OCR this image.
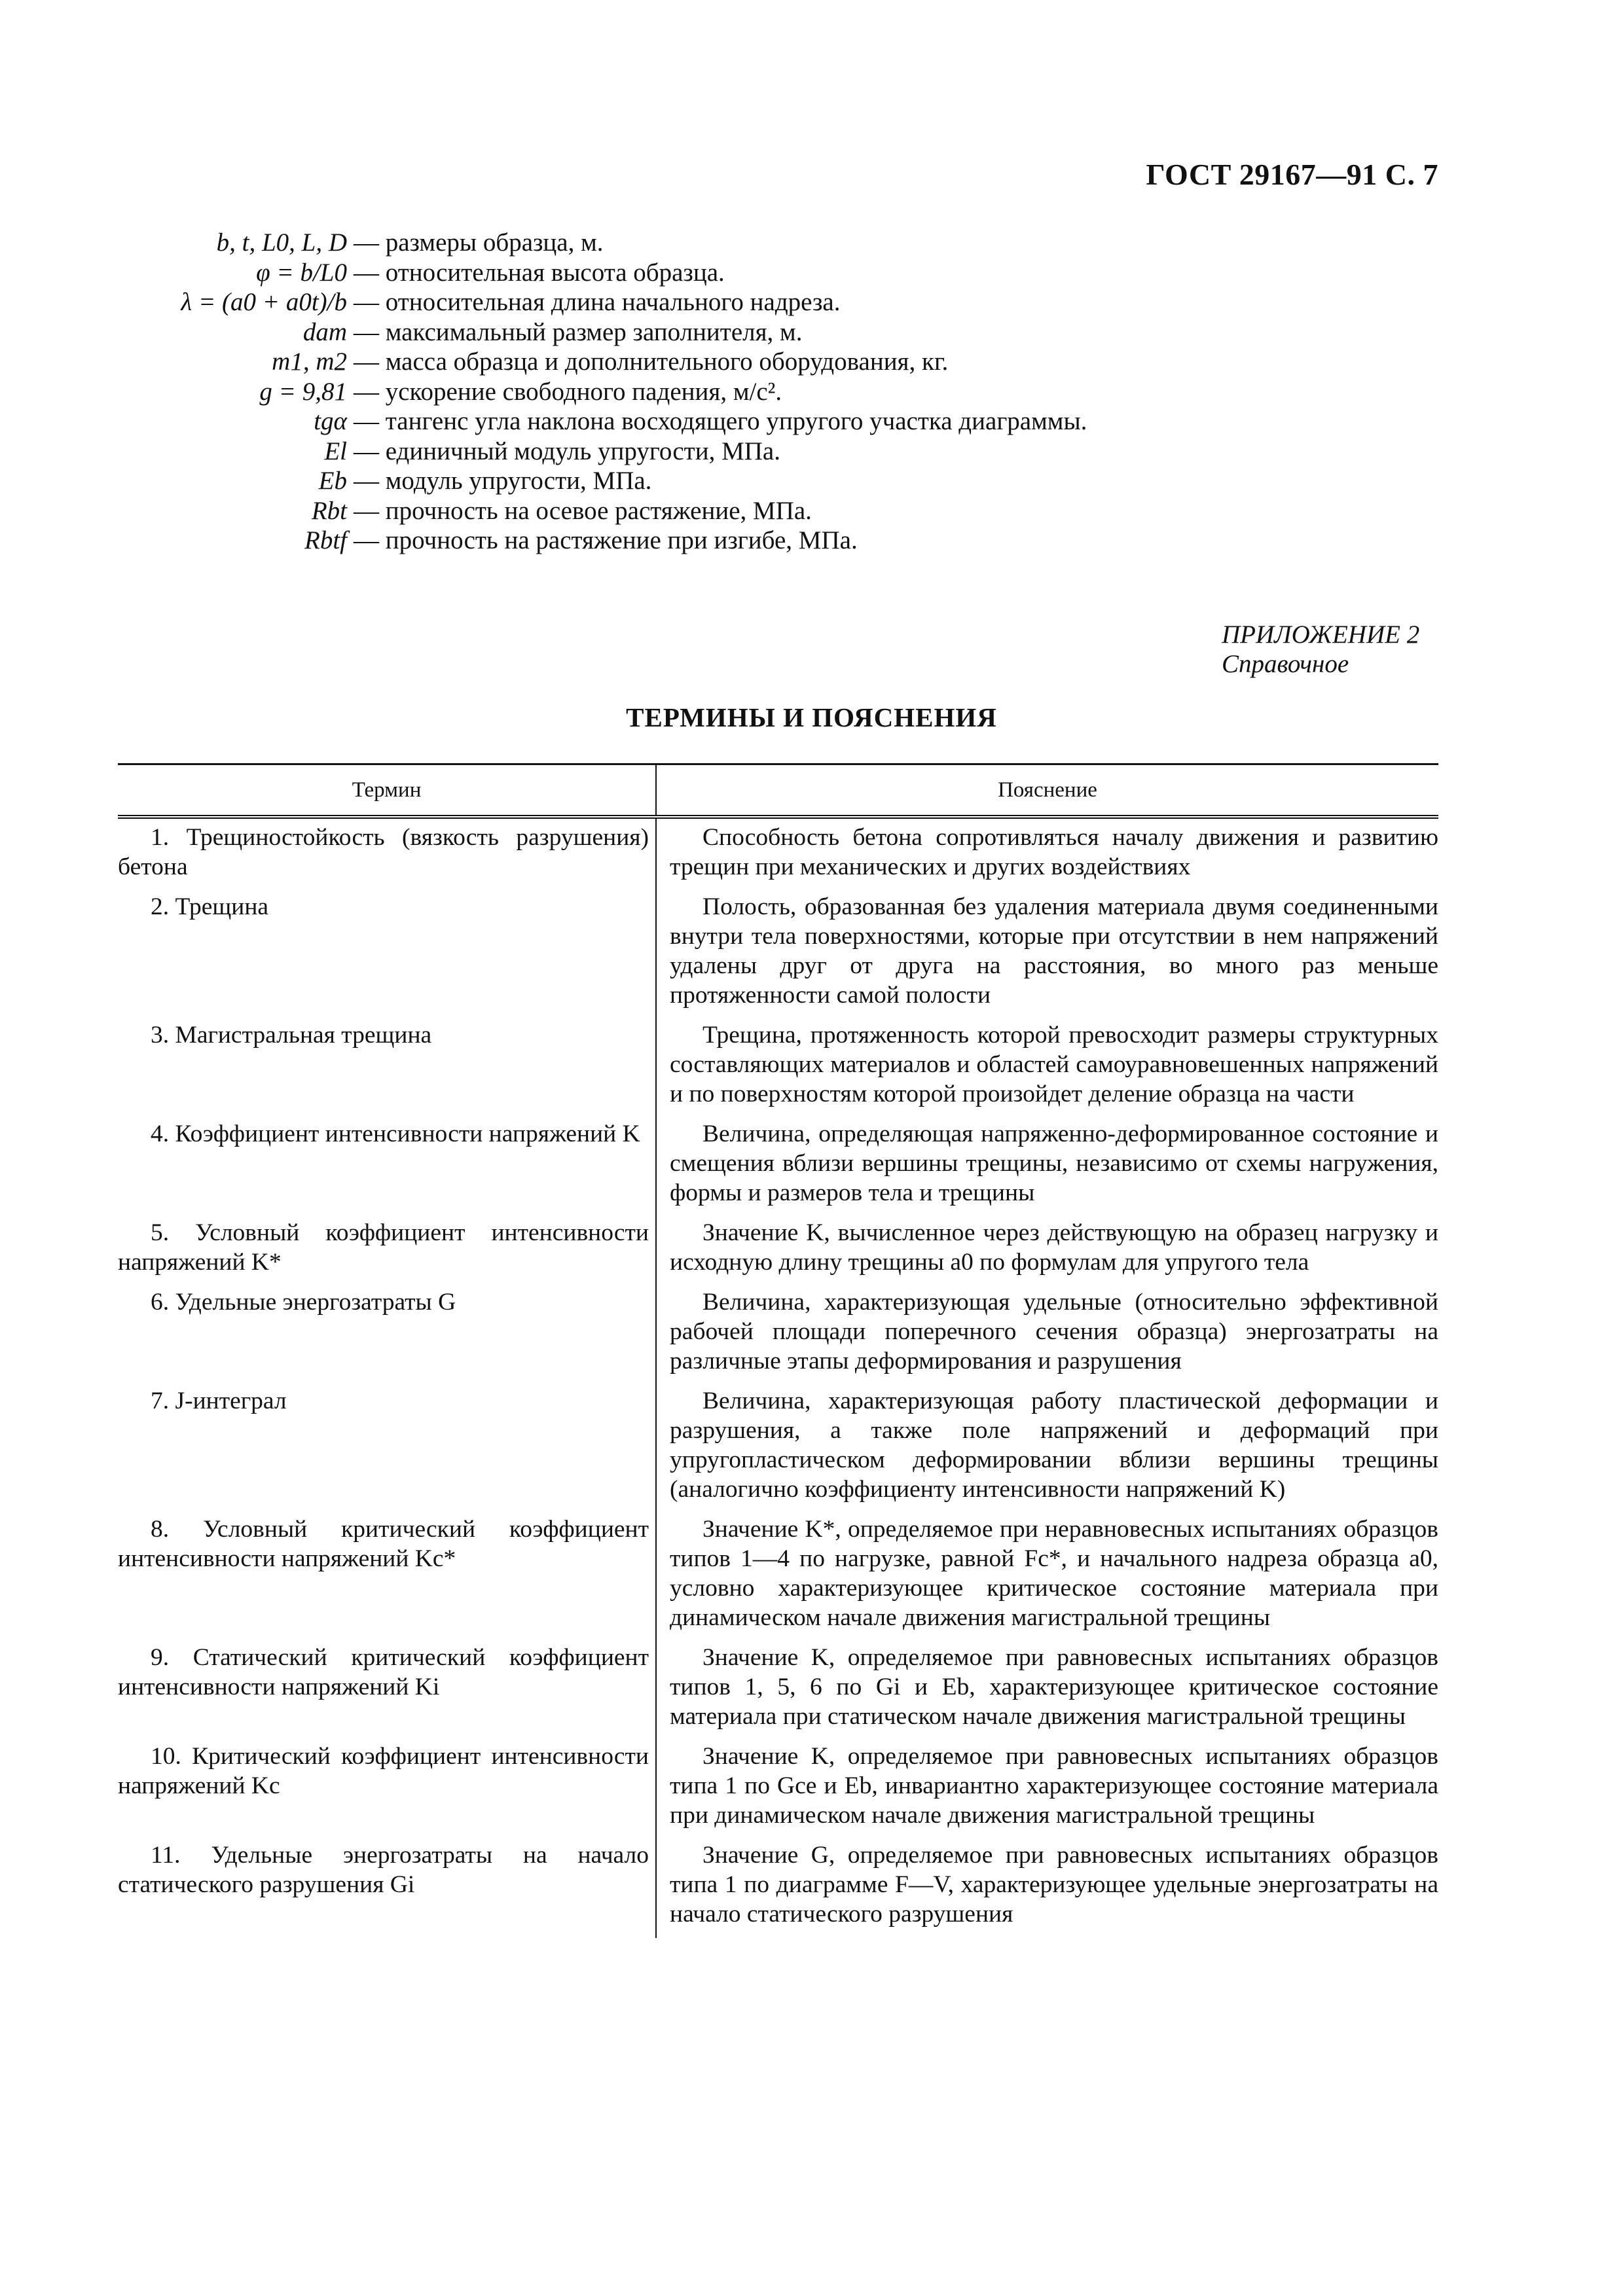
ГОСТ 29167—91 С. 7
b, t, L0, L, D — размеры образца, м.
φ = b/L0 — относительная высота образца.
λ = (a0 + a0t)/b — относительная длина начального надреза.
dam — максимальный размер заполнителя, м.
m1, m2 — масса образца и дополнительного оборудования, кг.
g = 9,81 — ускорение свободного падения, м/с².
tgα — тангенс угла наклона восходящего упругого участка диаграммы.
El — единичный модуль упругости, МПа.
Eb — модуль упругости, МПа.
Rbt — прочность на осевое растяжение, МПа.
Rbtf — прочность на растяжение при изгибе, МПа.
ПРИЛОЖЕНИЕ 2
Справочное
ТЕРМИНЫ И ПОЯСНЕНИЯ
Термин	Пояснение
1. Трещиностойкость (вязкость разрушения) бетона	Способность бетона сопротивляться началу движения и развитию трещин при механических и других воздействиях
2. Трещина	Полость, образованная без удаления материала двумя соединенными внутри тела поверхностями, которые при отсутствии в нем напряжений удалены друг от друга на расстояния, во много раз меньше протяженности самой полости
3. Магистральная трещина	Трещина, протяженность которой превосходит размеры структурных составляющих материалов и областей самоуравновешенных напряжений и по поверхностям которой произойдет деление образца на части
4. Коэффициент интенсивности напряжений K	Величина, определяющая напряженно-деформированное состояние и смещения вблизи вершины трещины, независимо от схемы нагружения, формы и размеров тела и трещины
5. Условный коэффициент интенсивности напряжений K*	Значение K, вычисленное через действующую на образец нагрузку и исходную длину трещины a0 по формулам для упругого тела
6. Удельные энергозатраты G	Величина, характеризующая удельные (относительно эффективной рабочей площади поперечного сечения образца) энергозатраты на различные этапы деформирования и разрушения
7. J-интеграл	Величина, характеризующая работу пластической деформации и разрушения, а также поле напряжений и деформаций при упругопластическом деформировании вблизи вершины трещины (аналогично коэффициенту интенсивности напряжений K)
8. Условный критический коэффициент интенсивности напряжений Kc*	Значение K*, определяемое при неравновесных испытаниях образцов типов 1—4 по нагрузке, равной Fc*, и начального надреза образца a0, условно характеризующее критическое состояние материала при динамическом начале движения магистральной трещины
9. Статический критический коэффициент интенсивности напряжений Ki	Значение K, определяемое при равновесных испытаниях образцов типов 1, 5, 6 по Gi и Eb, характеризующее критическое состояние материала при статическом начале движения магистральной трещины
10. Критический коэффициент интенсивности напряжений Kc	Значение K, определяемое при равновесных испытаниях образцов типа 1 по Gce и Eb, инвариантно характеризующее состояние материала при динамическом начале движения магистральной трещины
11. Удельные энергозатраты на начало статического разрушения Gi	Значение G, определяемое при равновесных испытаниях образцов типа 1 по диаграмме F—V, характеризующее удельные энергозатраты на начало статического разрушения
